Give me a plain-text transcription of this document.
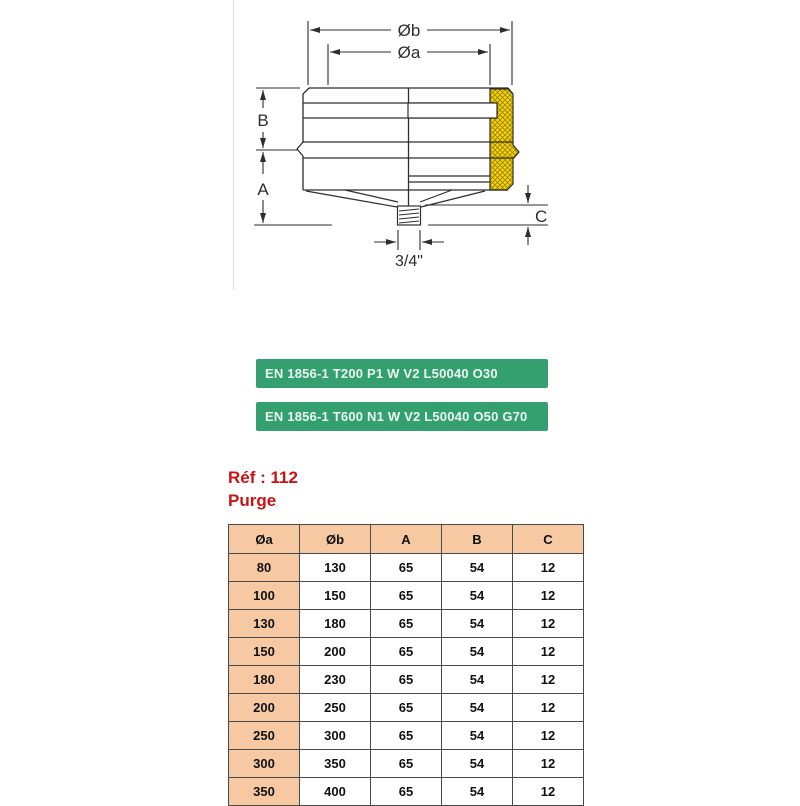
Øb
Øa
B
A
C
3/4"
EN 1856-1 T200 P1 W V2 L50040 O30
EN 1856-1 T600 N1 W V2 L50040 O50 G70
Réf : 112
Purge
Øa	Øb	A	B	C
80	130	65	54	12
100	150	65	54	12
130	180	65	54	12
150	200	65	54	12
180	230	65	54	12
200	250	65	54	12
250	300	65	54	12
300	350	65	54	12
350	400	65	54	12
